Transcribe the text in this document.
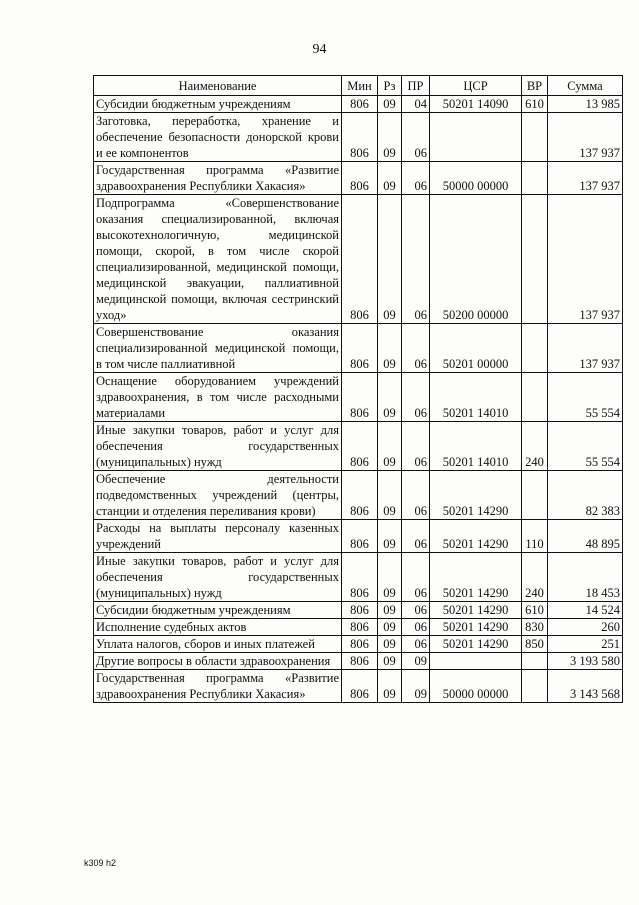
94
Наименование	Мин	Рз	ПР	ЦСР	ВР	Сумма
Субсидии бюджетным учреждениям	806	09	04	50201 14090	610	13 985
Заготовка, переработка, хранение и обеспечение безопасности донорской крови и ее компонентов	806	09	06			137 937
Государственная программа «Развитие здравоохранения Республики Хакасия»	806	09	06	50000 00000		137 937
Подпрограмма «Совершенствование оказания специализированной, включая высокотехнологичную, медицинской помощи, скорой, в том числе скорой специализированной, медицинской помощи, медицинской эвакуации, паллиативной медицинской помощи, включая сестринский уход»	806	09	06	50200 00000		137 937
Совершенствование оказания специализированной медицинской помощи, в том числе паллиативной	806	09	06	50201 00000		137 937
Оснащение оборудованием учреждений здравоохранения, в том числе расходными материалами	806	09	06	50201 14010		55 554
Иные закупки товаров, работ и услуг для обеспечения государственных (муниципальных) нужд	806	09	06	50201 14010	240	55 554
Обеспечение деятельности подведомственных учреждений (центры, станции и отделения переливания крови)	806	09	06	50201 14290		82 383
Расходы на выплаты персоналу казенных учреждений	806	09	06	50201 14290	110	48 895
Иные закупки товаров, работ и услуг для обеспечения государственных (муниципальных) нужд	806	09	06	50201 14290	240	18 453
Субсидии бюджетным учреждениям	806	09	06	50201 14290	610	14 524
Исполнение судебных актов	806	09	06	50201 14290	830	260
Уплата налогов, сборов и иных платежей	806	09	06	50201 14290	850	251
Другие вопросы в области здравоохранения	806	09	09			3 193 580
Государственная программа «Развитие здравоохранения Республики Хакасия»	806	09	09	50000 00000		3 143 568
k309 h2
